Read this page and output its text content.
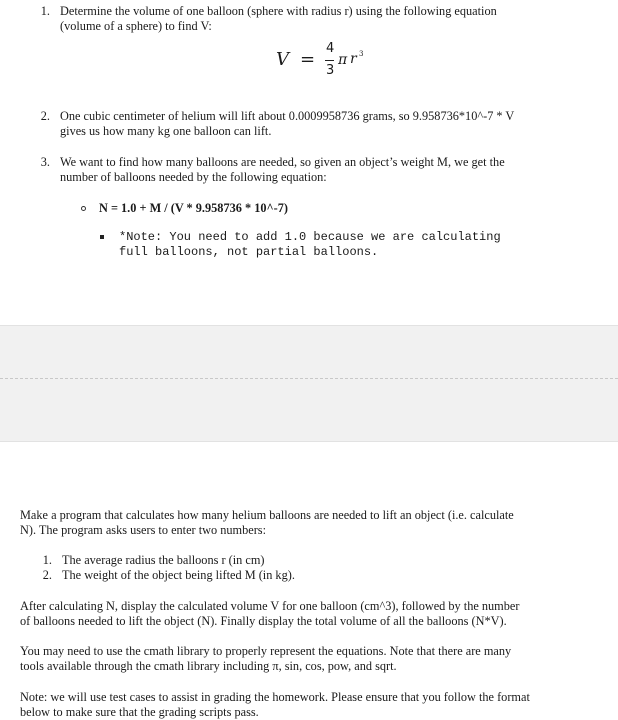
1. Determine the volume of one balloon (sphere with radius r) using the following equation
(volume of a sphere) to find V:
V =
4
3
π r 3
2. One cubic centimeter of helium will lift about 0.0009958736 grams, so 9.958736*10^-7 * V
gives us how many kg one balloon can lift.
3. We want to find how many balloons are needed, so given an object’s weight M, we get the
number of balloons needed by the following equation:
N = 1.0 + M / (V * 9.958736 * 10^-7)
*Note: You need to add 1.0 because we are calculating
full balloons, not partial balloons.
Make a program that calculates how many helium balloons are needed to lift an object (i.e. calculate
N). The program asks users to enter two numbers:
1. The average radius the balloons r (in cm)
2. The weight of the object being lifted M (in kg).
After calculating N, display the calculated volume V for one balloon (cm^3), followed by the number
of balloons needed to lift the object (N). Finally display the total volume of all the balloons (N*V).
You may need to use the cmath library to properly represent the equations. Note that there are many
tools available through the cmath library including π, sin, cos, pow, and sqrt.
Note: we will use test cases to assist in grading the homework. Please ensure that you follow the format
below to make sure that the grading scripts pass.
